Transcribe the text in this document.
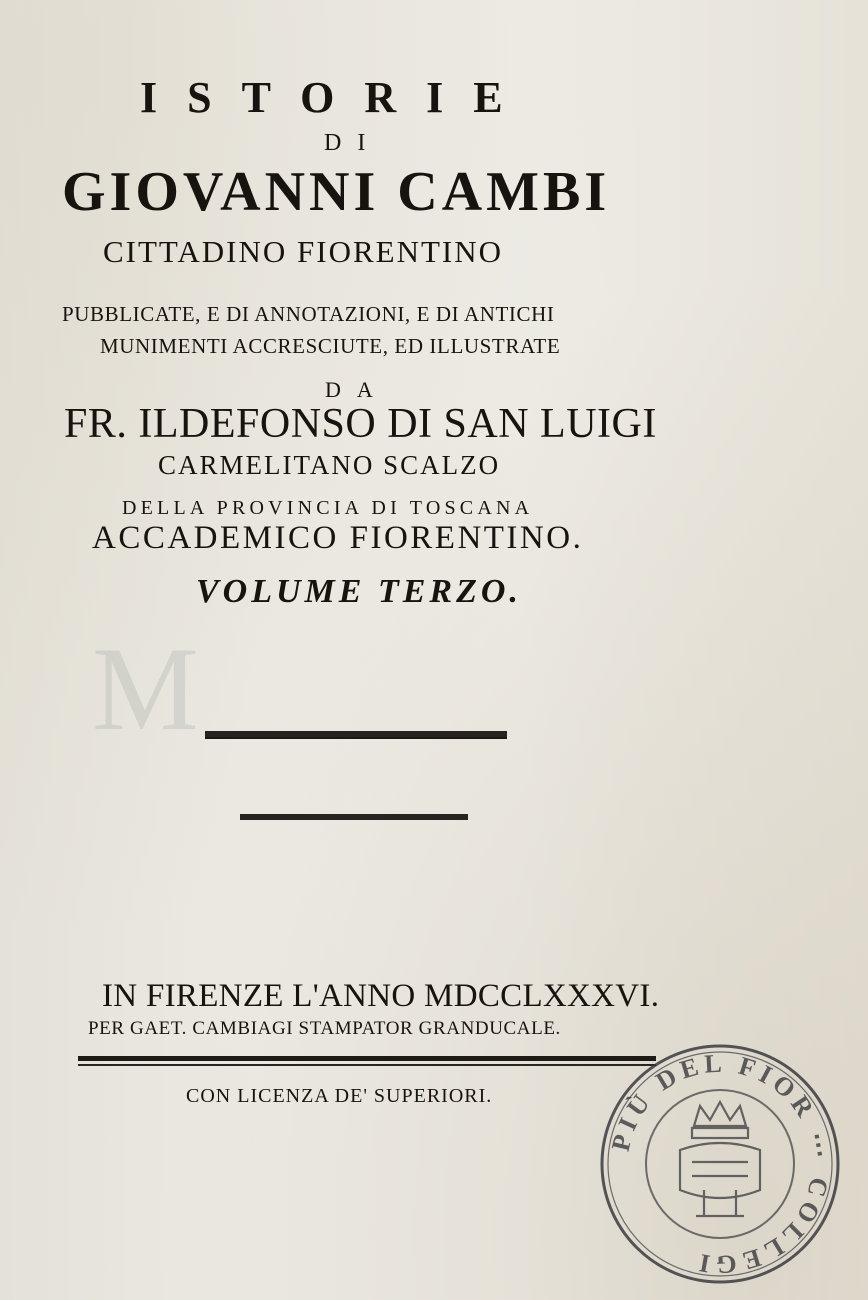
M
⠀⠀⠀⠀⠀⠀⠀⠀⠀⠀⠀⠀⠀⠀⠀⠀⠀⠀⠀⠀
ISTORIE
DI
GIOVANNI CAMBI
CITTADINO FIORENTINO
PUBBLICATE, E DI ANNOTAZIONI, E DI ANTICHI
MUNIMENTI ACCRESCIUTE, ED ILLUSTRATE
DA
FR. ILDEFONSO DI SAN LUIGI
CARMELITANO SCALZO
DELLA PROVINCIA DI TOSCANA
ACCADEMICO FIORENTINO.
VOLUME TERZO.
IN FIRENZE L'ANNO MDCCLXXXVI.
PER GAET. CAMBIAGI STAMPATOR GRANDUCALE.
CON LICENZA DE' SUPERIORI.
PIÙ DEL FIOR ⋯ COLLEGI
